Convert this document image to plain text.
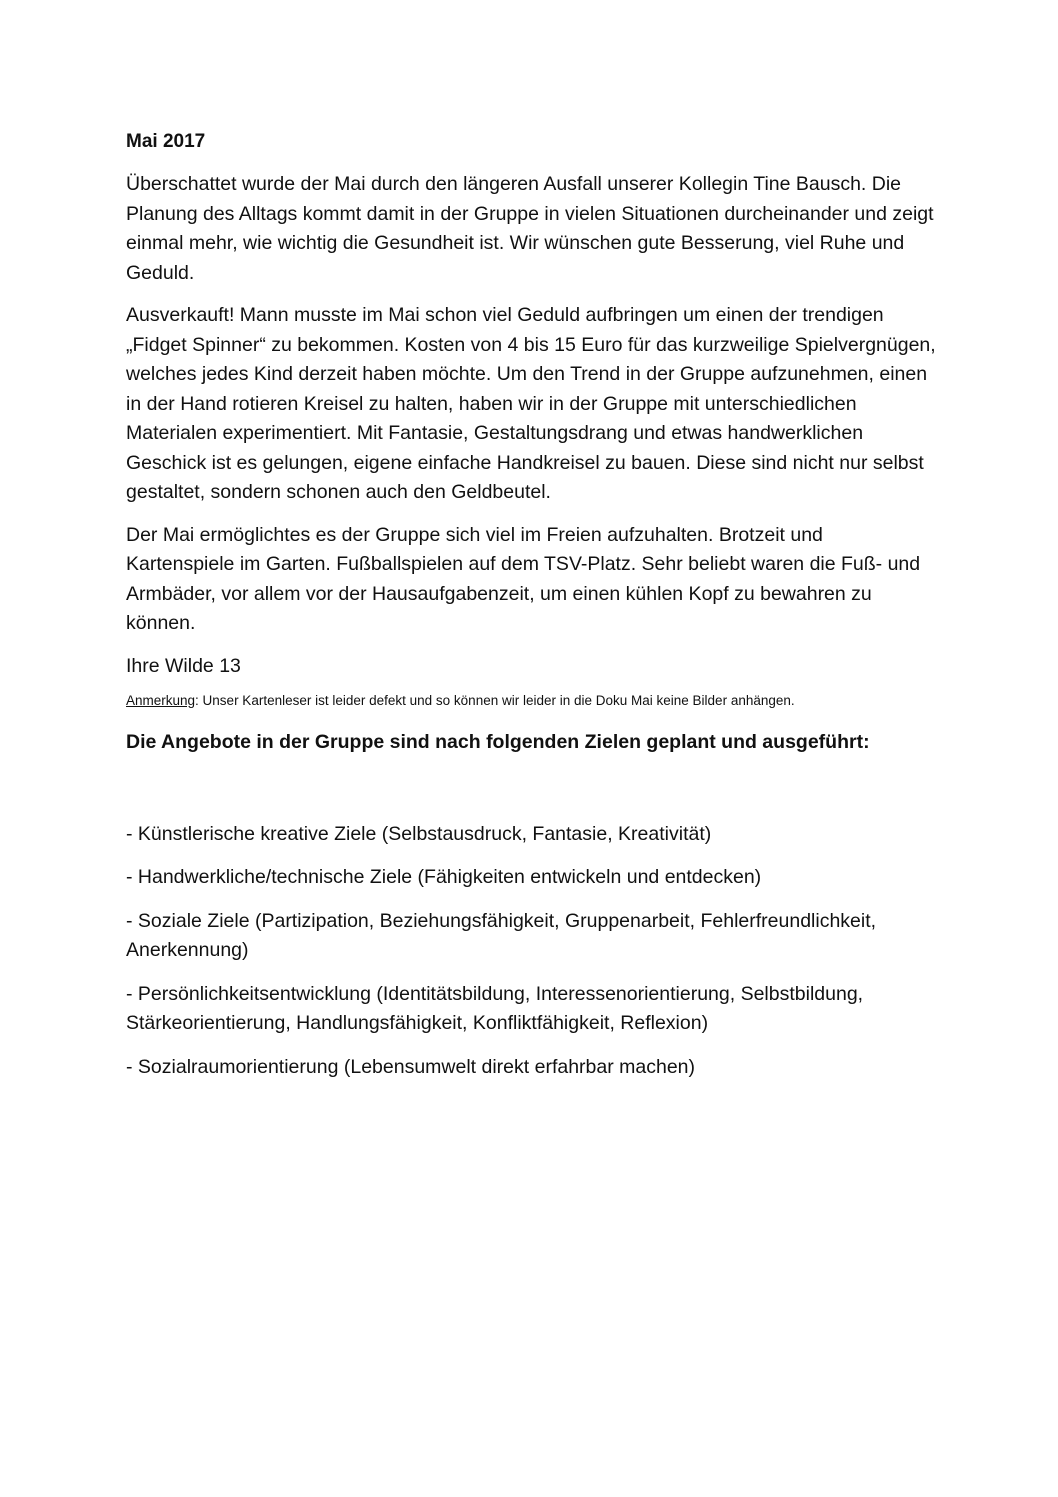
Mai 2017

Überschattet wurde der Mai durch den längeren Ausfall unserer Kollegin Tine Bausch. Die Planung des Alltags kommt damit in der Gruppe in vielen Situationen durcheinander und zeigt einmal mehr, wie wichtig die Gesundheit ist. Wir wünschen gute Besserung, viel Ruhe und Geduld.

Ausverkauft! Mann musste im Mai schon viel Geduld aufbringen um einen der trendigen „Fidget Spinner“ zu bekommen. Kosten von 4 bis 15 Euro für das kurzweilige Spielvergnügen, welches jedes Kind derzeit haben möchte. Um den Trend in der Gruppe aufzunehmen, einen in der Hand rotieren Kreisel zu halten, haben wir in der Gruppe mit unterschiedlichen Materialen experimentiert. Mit Fantasie, Gestaltungsdrang und etwas handwerklichen Geschick ist es gelungen, eigene einfache Handkreisel zu bauen. Diese sind nicht nur selbst gestaltet, sondern schonen auch den Geldbeutel.

Der Mai ermöglichtes es der Gruppe sich viel im Freien aufzuhalten. Brotzeit und Kartenspiele im Garten. Fußballspielen auf dem TSV-Platz. Sehr beliebt waren die Fuß- und Armbäder, vor allem vor der Hausaufgabenzeit, um einen kühlen Kopf zu bewahren zu können.

Ihre Wilde 13

Anmerkung: Unser Kartenleser ist leider defekt und so können wir leider in die Doku Mai keine Bilder anhängen.

Die Angebote in der Gruppe sind nach folgenden Zielen geplant und ausgeführt:

- Künstlerische kreative Ziele (Selbstausdruck, Fantasie, Kreativität)

- Handwerkliche/technische Ziele (Fähigkeiten entwickeln und entdecken)

- Soziale Ziele (Partizipation, Beziehungsfähigkeit, Gruppenarbeit, Fehlerfreundlichkeit, Anerkennung)

- Persönlichkeitsentwicklung (Identitätsbildung, Interessenorientierung, Selbstbildung, Stärkeorientierung, Handlungsfähigkeit, Konfliktfähigkeit, Reflexion)

- Sozialraumorientierung (Lebensumwelt direkt erfahrbar machen)
